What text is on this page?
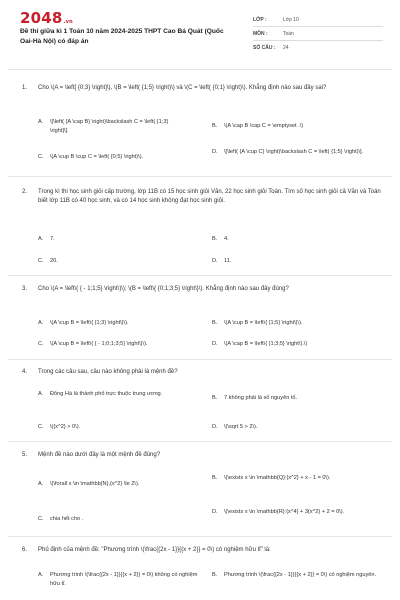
2048.vn
Đề thi giữa kì 1 Toán 10 năm 2024-2025 THPT Cao Bá Quát (Quốc Oai-Hà Nội) có đáp án
LỚP :	Lớp 10
MÔN :	Toán
SỐ CÂU :	24
1. Cho \(A = \left[ {0;3} \right]\), \(B = \left( {1;5} \right)\) và \(C = \left( {0;1} \right)\). Khẳng định nào sau đây sai?
A.	\[\left( {A \cap B} \right)\backslash C = \left( {1;3} \right]\].
B.	\(A \cap B \cap C = \emptyset .\)
C.	\(A \cup B \cup C = \left( {0;5} \right)\).
D.	\[\left( {A \cup C} \right)\backslash C = \left( {1;5} \right)\].
2. Trong kì thi học sinh giỏi cấp trường, lớp 11B có 15 học sinh giỏi Văn, 22 học sinh giỏi Toán. Tìm số học sinh giỏi cả Văn và Toán biết lớp 11B có 40 học sinh, và có 14 học sinh không đạt học sinh giỏi.
A.	7.	B.	4.
C.	20.	D.	11.
3. Cho \(A = \left\{ { - 1;1;5} \right\}\); \(B = \left\{ {0;1;3;5} \right\}\). Khẳng định nào sau đây đúng?
A.	\(A \cup B = \left\{ {1;3} \right\}\).	B.	\(A \cup B = \left\{ {1;5} \right\}\).
C.	\(A \cup B = \left\{ { - 1;0;1;3;5} \right\}\).	D.	\(A \cap B = \left\{ {1;3;5} \right\}.\)
4. Trong các câu sau, câu nào không phải là mệnh đề?
A.	Đông Hà là thành phố trực thuộc trung ương.
B.	7 không phải là số nguyên tố.
C.	\({x^2} > 0\).	D.	\(\sqrt 5 > 2\).
5. Mệnh đề nào dưới đây là một mệnh đề đúng?
A.	\(\forall x \in \mathbb{N},{x^2} \le 2\).
B.	\(\exists x \in \mathbb{Q}:{x^2} + x - 1 = 0\).
C.	chia hết cho .
D.	\(\exists x \in \mathbb{R}:{x^4} + 3{x^2} + 2 = 0\).
6. Phủ định của mệnh đề: "Phương trình \(\frac{{2x - 1}}{{x + 2}} = 0\) có nghiệm hữu tỉ" là:
A.	Phương trình \(\frac{{2x - 1}}{{x + 2}} = 0\) không có nghiệm hữu tỉ.
B.	Phương trình \(\frac{{2x - 1}}{{x + 2}} = 0\) có nghiệm nguyên.
